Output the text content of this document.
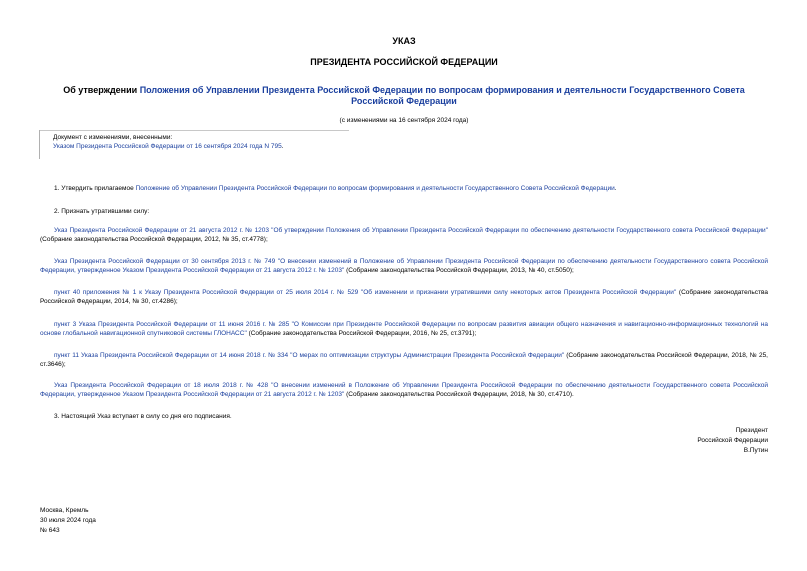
УКАЗ
ПРЕЗИДЕНТА РОССИЙСКОЙ ФЕДЕРАЦИИ
Об утверждении Положения об Управлении Президента Российской Федерации по вопросам формирования и деятельности Государственного Совета Российской Федерации
(с изменениями на 16 сентября 2024 года)
Документ с изменениями, внесенными:
Указом Президента Российской Федерации от 16 сентября 2024 года N 795.
1. Утвердить прилагаемое Положение об Управлении Президента Российской Федерации по вопросам формирования и деятельности Государственного Совета Российской Федерации.
2. Признать утратившими силу:
Указ Президента Российской Федерации от 21 августа 2012 г. № 1203 "Об утверждении Положения об Управлении Президента Российской Федерации по обеспечению деятельности Государственного совета Российской Федерации" (Собрание законодательства Российской Федерации, 2012, № 35, ст.4778);
Указ Президента Российской Федерации от 30 сентября 2013 г. № 749 "О внесении изменений в Положение об Управлении Президента Российской Федерации по обеспечению деятельности Государственного совета Российской Федерации, утвержденное Указом Президента Российской Федерации от 21 августа 2012 г. № 1203" (Собрание законодательства Российской Федерации, 2013, № 40, ст.5050);
пункт 40 приложения № 1 к Указу Президента Российской Федерации от 25 июля 2014 г. № 529 "Об изменении и признании утратившими силу некоторых актов Президента Российской Федерации" (Собрание законодательства Российской Федерации, 2014, № 30, ст.4286);
пункт 3 Указа Президента Российской Федерации от 11 июня 2016 г. № 285 "О Комиссии при Президенте Российской Федерации по вопросам развития авиации общего назначения и навигационно-информационных технологий на основе глобальной навигационной спутниковой системы ГЛОНАСС" (Собрание законодательства Российской Федерации, 2016, № 25, ст.3791);
пункт 11 Указа Президента Российской Федерации от 14 июня 2018 г. № 334 "О мерах по оптимизации структуры Администрации Президента Российской Федерации" (Собрание законодательства Российской Федерации, 2018, № 25, ст.3646);
Указ Президента Российской Федерации от 18 июля 2018 г. № 428 "О внесении изменений в Положение об Управлении Президента Российской Федерации по обеспечению деятельности Государственного совета Российской Федерации, утвержденное Указом Президента Российской Федерации от 21 августа 2012 г. № 1203" (Собрание законодательства Российской Федерации, 2018, № 30, ст.4710).
3. Настоящий Указ вступает в силу со дня его подписания.
Президент
Российской Федерации
В.Путин
Москва, Кремль
30 июля 2024 года
№ 643
